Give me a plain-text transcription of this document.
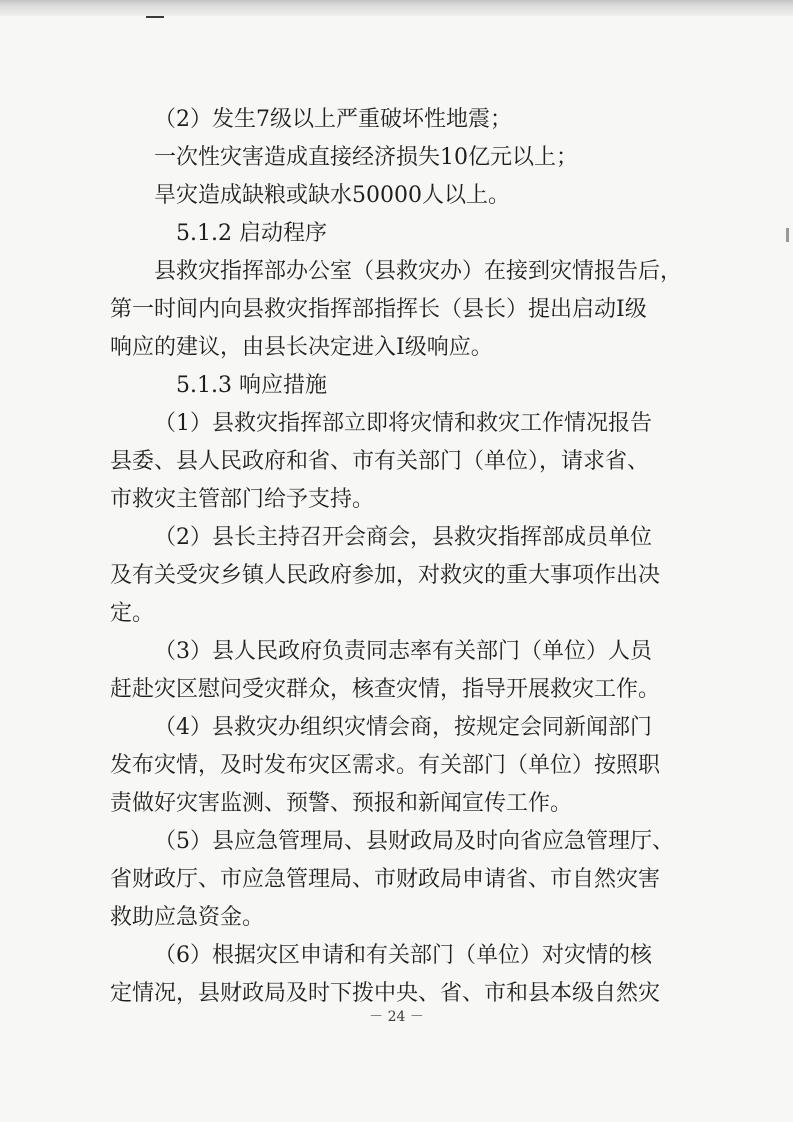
（2）发生7级以上严重破坏性地震；
一次性灾害造成直接经济损失10亿元以上；
旱灾造成缺粮或缺水50000人以上。
5.1.2 启动程序
县救灾指挥部办公室（县救灾办）在接到灾情报告后，
第一时间内向县救灾指挥部指挥长（县长）提出启动Ⅰ级
响应的建议，由县长决定进入Ⅰ级响应。
5.1.3 响应措施
（1）县救灾指挥部立即将灾情和救灾工作情况报告
县委、县人民政府和省、市有关部门（单位），请求省、
市救灾主管部门给予支持。
（2）县长主持召开会商会，县救灾指挥部成员单位
及有关受灾乡镇人民政府参加，对救灾的重大事项作出决
定。
（3）县人民政府负责同志率有关部门（单位）人员
赶赴灾区慰问受灾群众，核查灾情，指导开展救灾工作。
（4）县救灾办组织灾情会商，按规定会同新闻部门
发布灾情，及时发布灾区需求。有关部门（单位）按照职
责做好灾害监测、预警、预报和新闻宣传工作。
（5）县应急管理局、县财政局及时向省应急管理厅、
省财政厅、市应急管理局、市财政局申请省、市自然灾害
救助应急资金。
（6）根据灾区申请和有关部门（单位）对灾情的核
定情况，县财政局及时下拨中央、省、市和县本级自然灾
－ 24 －
